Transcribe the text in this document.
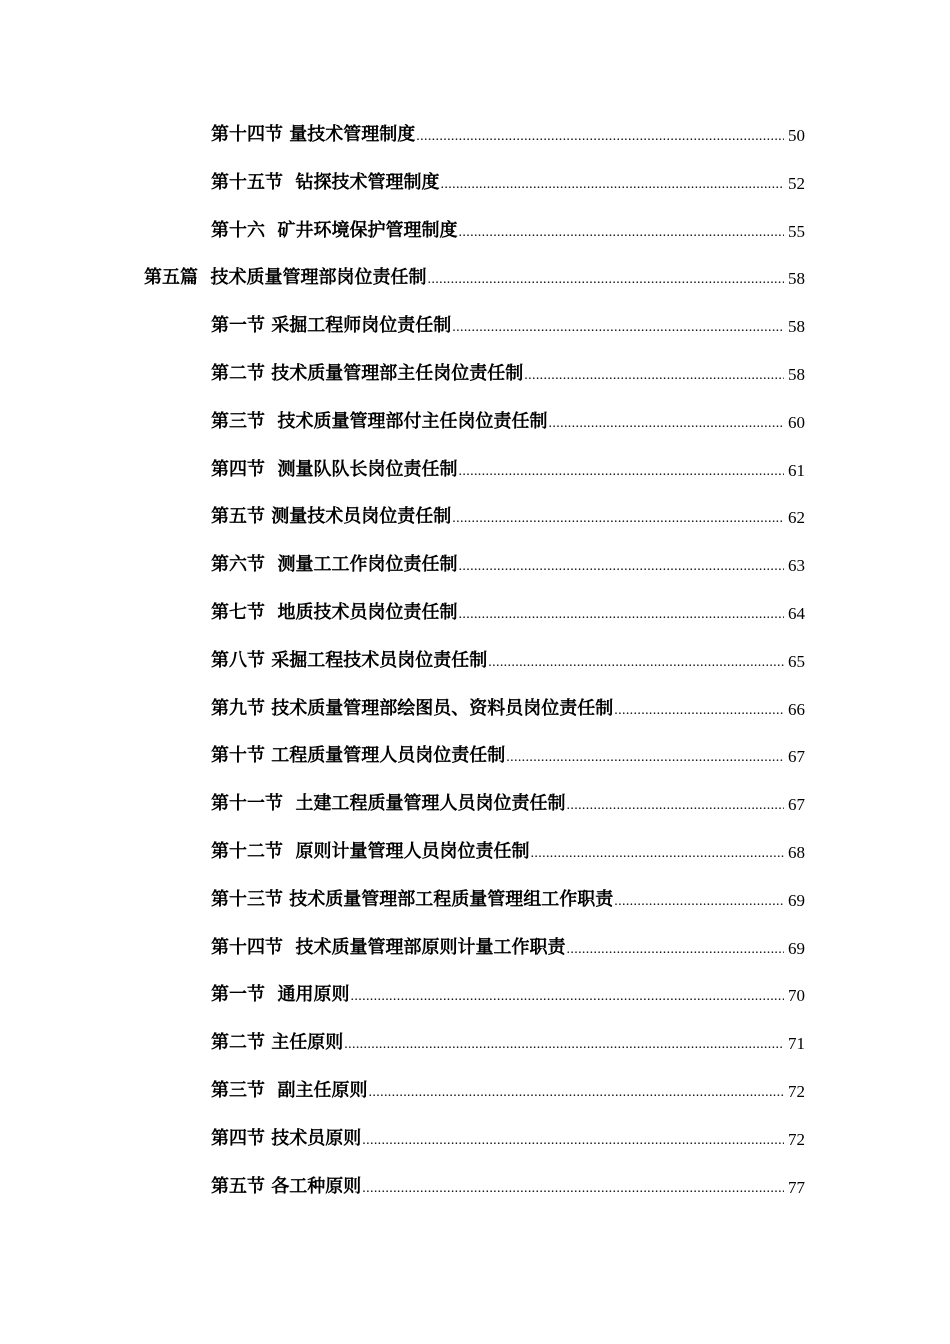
第十四节 量技术管理制度 .....	50
第十五节  钻探技术管理制度 .....	52
第十六  矿井环境保护管理制度 .....	55
第五篇  技术质量管理部岗位责任制 .....	58
第一节 采掘工程师岗位责任制 .....	58
第二节 技术质量管理部主任岗位责任制 .....	58
第三节  技术质量管理部付主任岗位责任制 .....	60
第四节  测量队队长岗位责任制 .....	61
第五节 测量技术员岗位责任制 .....	62
第六节  测量工工作岗位责任制 .....	63
第七节  地质技术员岗位责任制 .....	64
第八节 采掘工程技术员岗位责任制 .....	65
第九节 技术质量管理部绘图员、资料员岗位责任制 .....	66
第十节 工程质量管理人员岗位责任制 .....	67
第十一节  土建工程质量管理人员岗位责任制 .....	67
第十二节  原则计量管理人员岗位责任制 .....	68
第十三节 技术质量管理部工程质量管理组工作职责 .....	69
第十四节  技术质量管理部原则计量工作职责 .....	69
第一节  通用原则 .....	70
第二节 主任原则 .....	71
第三节  副主任原则 .....	72
第四节 技术员原则 .....	72
第五节 各工种原则 .....	77
